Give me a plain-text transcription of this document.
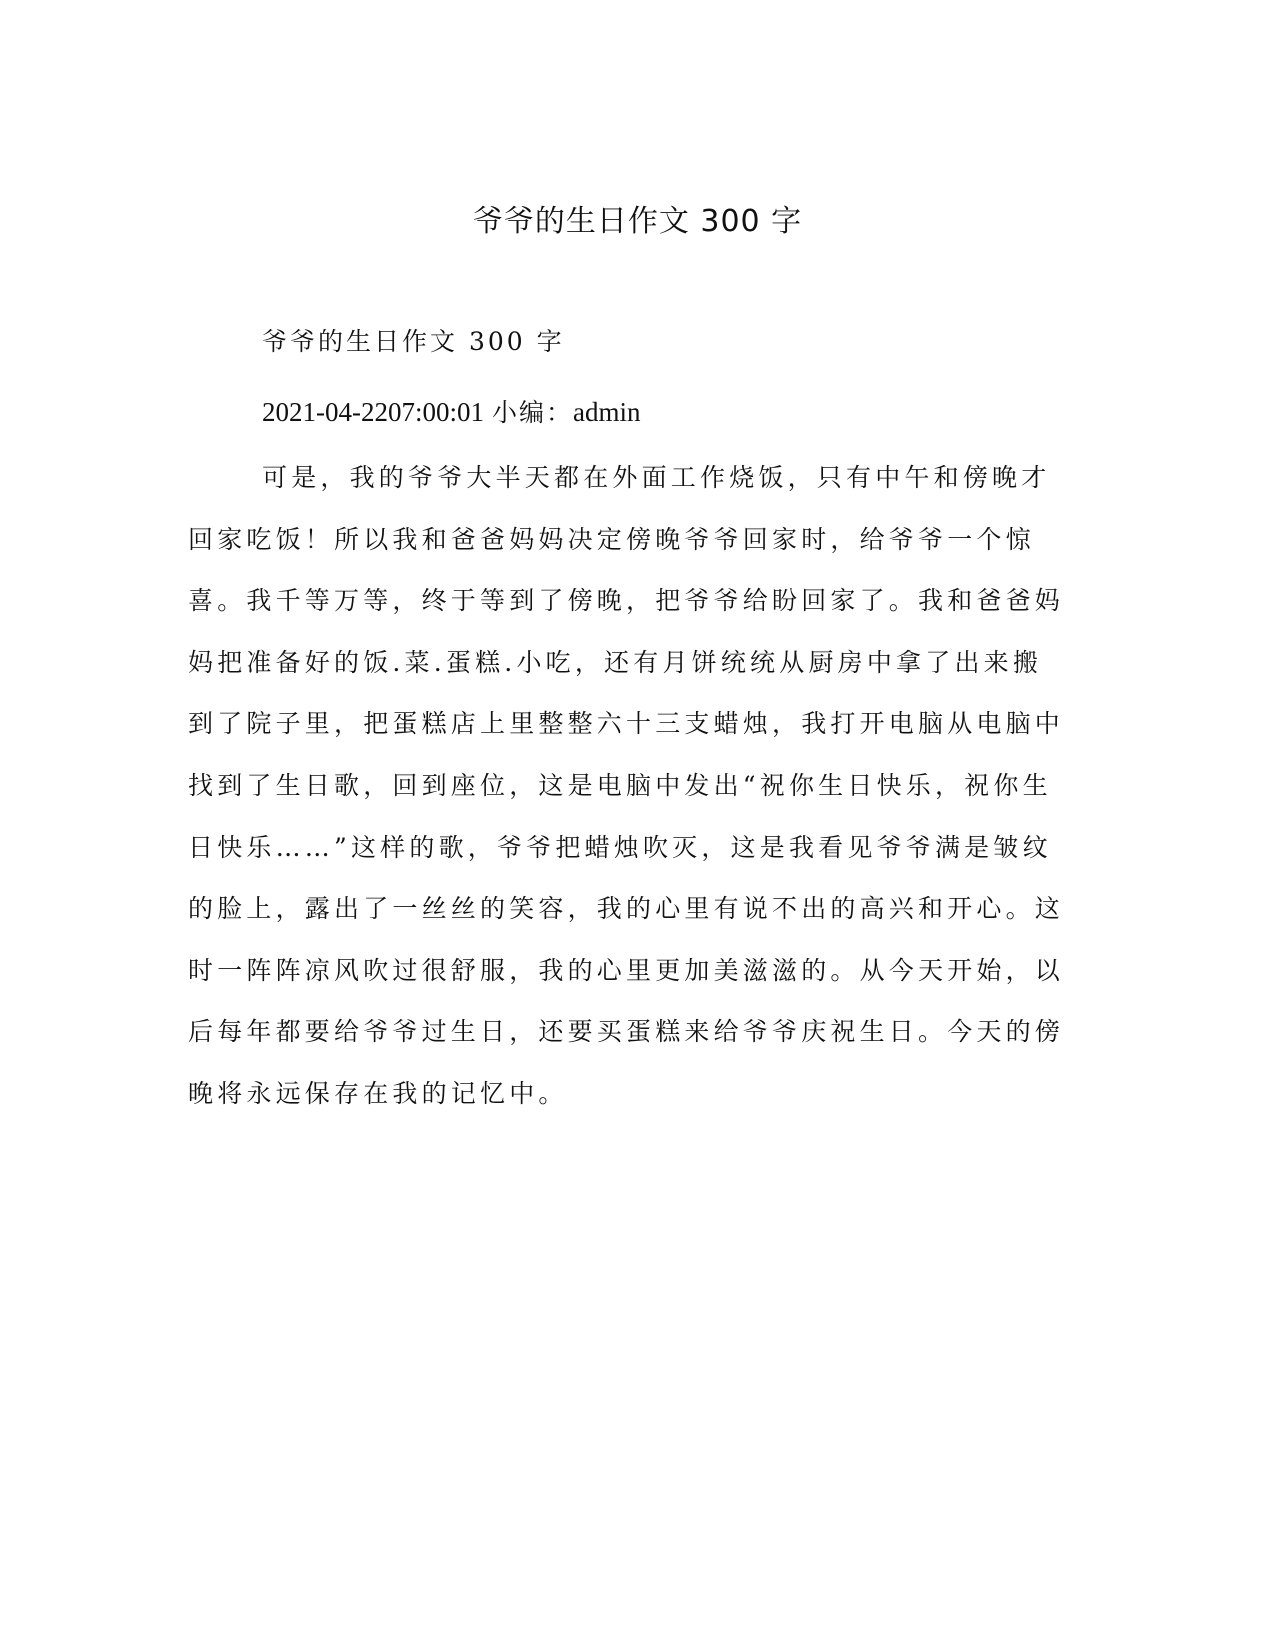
爷爷的生日作文 300 字

爷爷的生日作文 300 字

2021-04-2207:00:01 小编：admin

可是，我的爷爷大半天都在外面工作烧饭，只有中午和傍晚才回家吃饭！所以我和爸爸妈妈决定傍晚爷爷回家时，给爷爷一个惊喜。我千等万等，终于等到了傍晚，把爷爷给盼回家了。我和爸爸妈妈把准备好的饭.菜.蛋糕.小吃，还有月饼统统从厨房中拿了出来搬到了院子里，把蛋糕店上里整整六十三支蜡烛，我打开电脑从电脑中找到了生日歌，回到座位，这是电脑中发出“祝你生日快乐，祝你生日快乐……”这样的歌，爷爷把蜡烛吹灭，这是我看见爷爷满是皱纹的脸上，露出了一丝丝的笑容，我的心里有说不出的高兴和开心。这时一阵阵凉风吹过很舒服，我的心里更加美滋滋的。从今天开始，以后每年都要给爷爷过生日，还要买蛋糕来给爷爷庆祝生日。今天的傍晚将永远保存在我的记忆中。
